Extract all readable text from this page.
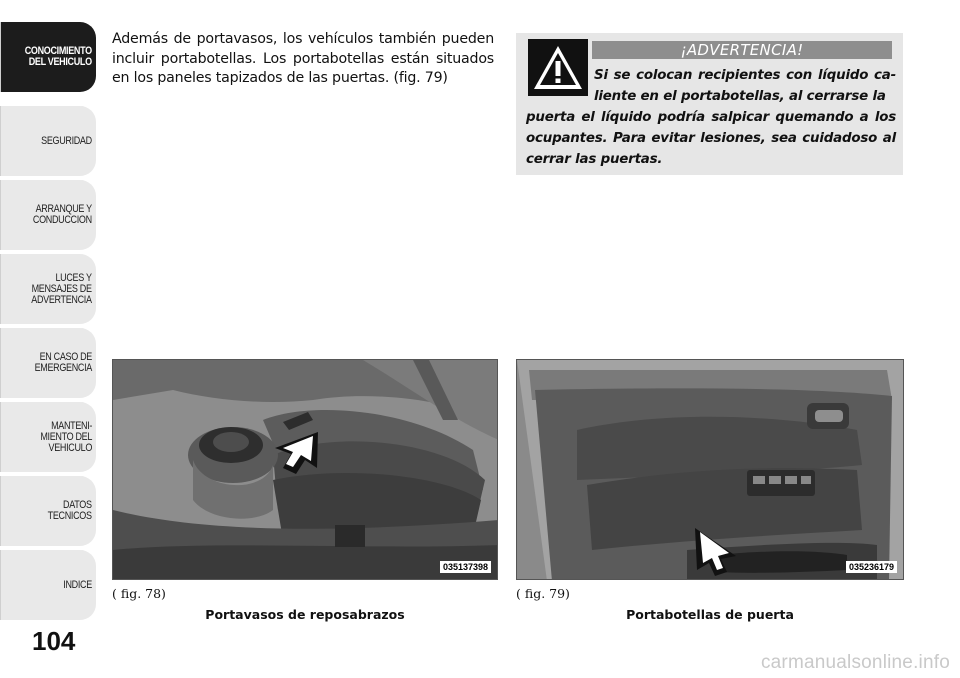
CONOCIMIENTO
DEL VEHICULO
SEGURIDAD
ARRANQUE Y
CONDUCCION
LUCES Y
MENSAJES DE
ADVERTENCIA
EN CASO DE
EMERGENCIA
MANTENI-
MIENTO DEL
VEHICULO
DATOS
TECNICOS
INDICE
104
Además de portavasos, los vehículos también pueden incluir portabotellas. Los portabotellas están situados en los paneles tapizados de las puertas. (fig. 79)
¡ADVERTENCIA!
Si se colocan recipientes con líquido ca- liente en el portabotellas, al cerrarse la
puerta el líquido podría salpicar quemando a los ocupantes. Para evitar lesiones, sea cuidadoso al cerrar las puertas.
035137398
( fig. 78)
Portavasos de reposabrazos
035236179
( fig. 79)
Portabotellas de puerta
carmanualsonline.info
